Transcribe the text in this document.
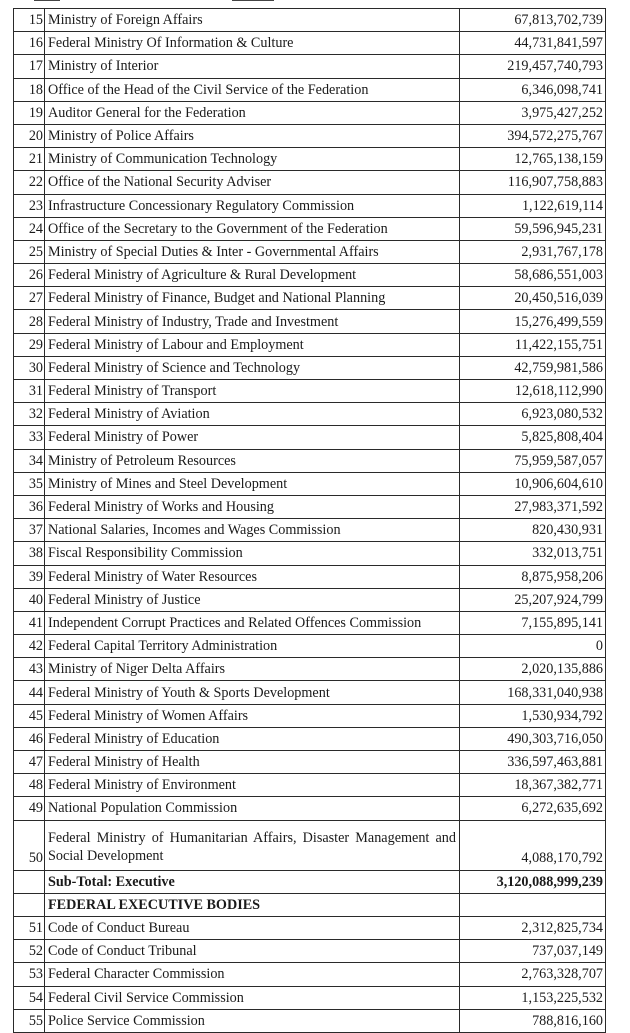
15	Ministry of Foreign Affairs	67,813,702,739
16	Federal Ministry Of Information & Culture	44,731,841,597
17	Ministry of Interior	219,457,740,793
18	Office of the Head of the Civil Service of the Federation	6,346,098,741
19	Auditor General for the Federation	3,975,427,252
20	Ministry of Police Affairs	394,572,275,767
21	Ministry of Communication Technology	12,765,138,159
22	Office of the National Security Adviser	116,907,758,883
23	Infrastructure Concessionary Regulatory Commission	1,122,619,114
24	Office of the Secretary to the Government of the Federation	59,596,945,231
25	Ministry of Special Duties & Inter - Governmental Affairs	2,931,767,178
26	Federal Ministry of Agriculture & Rural Development	58,686,551,003
27	Federal Ministry of Finance, Budget and National Planning	20,450,516,039
28	Federal Ministry of Industry, Trade and Investment	15,276,499,559
29	Federal Ministry of Labour and Employment	11,422,155,751
30	Federal Ministry of Science and Technology	42,759,981,586
31	Federal Ministry of Transport	12,618,112,990
32	Federal Ministry of Aviation	6,923,080,532
33	Federal Ministry of Power	5,825,808,404
34	Ministry of Petroleum Resources	75,959,587,057
35	Ministry of Mines and Steel Development	10,906,604,610
36	Federal Ministry of Works and Housing	27,983,371,592
37	National Salaries, Incomes and Wages Commission	820,430,931
38	Fiscal Responsibility Commission	332,013,751
39	Federal Ministry of Water Resources	8,875,958,206
40	Federal Ministry of Justice	25,207,924,799
41	Independent Corrupt Practices and Related Offences Commission	7,155,895,141
42	Federal Capital Territory Administration	0
43	Ministry of Niger Delta Affairs	2,020,135,886
44	Federal Ministry of Youth & Sports Development	168,331,040,938
45	Federal Ministry of Women Affairs	1,530,934,792
46	Federal Ministry of Education	490,303,716,050
47	Federal Ministry of Health	336,597,463,881
48	Federal Ministry of Environment	18,367,382,771
49	National Population Commission	6,272,635,692
50	Federal Ministry of Humanitarian Affairs, Disaster Management and Social Development	4,088,170,792
	Sub-Total: Executive	3,120,088,999,239
	FEDERAL EXECUTIVE BODIES	
51	Code of Conduct Bureau	2,312,825,734
52	Code of Conduct Tribunal	737,037,149
53	Federal Character Commission	2,763,328,707
54	Federal Civil Service Commission	1,153,225,532
55	Police Service Commission	788,816,160
